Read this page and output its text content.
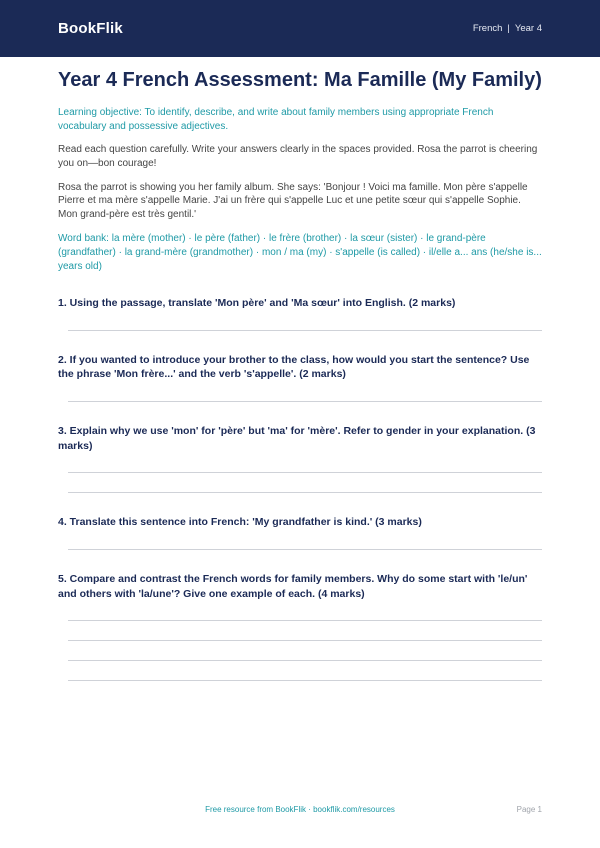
BookFlik	French | Year 4
Year 4 French Assessment: Ma Famille (My Family)
Learning objective: To identify, describe, and write about family members using appropriate French vocabulary and possessive adjectives.
Read each question carefully. Write your answers clearly in the spaces provided. Rosa the parrot is cheering you on—bon courage!
Rosa the parrot is showing you her family album. She says: 'Bonjour ! Voici ma famille. Mon père s'appelle Pierre et ma mère s'appelle Marie. J'ai un frère qui s'appelle Luc et une petite sœur qui s'appelle Sophie. Mon grand-père est très gentil.'
Word bank: la mère (mother) · le père (father) · le frère (brother) · la sœur (sister) · le grand-père (grandfather) · la grand-mère (grandmother) · mon / ma (my) · s'appelle (is called) · il/elle a... ans (he/she is... years old)
1. Using the passage, translate 'Mon père' and 'Ma sœur' into English. (2 marks)
2. If you wanted to introduce your brother to the class, how would you start the sentence? Use the phrase 'Mon frère...' and the verb 's'appelle'. (2 marks)
3. Explain why we use 'mon' for 'père' but 'ma' for 'mère'. Refer to gender in your explanation. (3 marks)
4. Translate this sentence into French: 'My grandfather is kind.' (3 marks)
5. Compare and contrast the French words for family members. Why do some start with 'le/un' and others with 'la/une'? Give one example of each. (4 marks)
Free resource from BookFlik · bookflik.com/resources	Page 1
